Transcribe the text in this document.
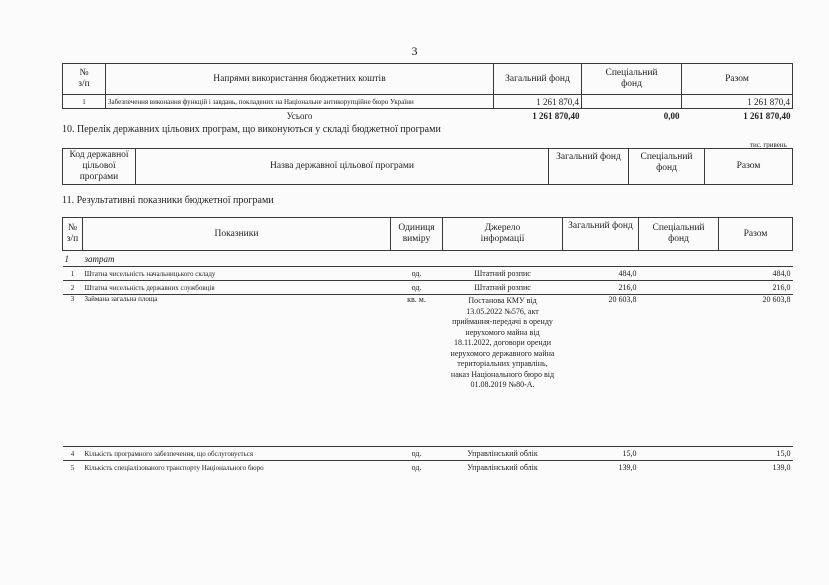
3
№
з/п	Напрями використання бюджетних коштів	Загальний фонд	Спеціальний
фонд	Разом
1	Забезпечення виконання функцій і завдань, покладених на Національне антикорупційне бюро України	1 261 870,4		1 261 870,4
	Усього	1 261 870,40	0,00	1 261 870,40
10. Перелік державних цільових програм, що виконуються у складі бюджетної програми
тис. гривень
Код державної
цільової
програми	Назва державної цільової програми	Загальний фонд	Спеціальний фонд	Разом
11. Результативні показники бюджетної програми
№
з/п	Показники	Одиниця
виміру	Джерело
інформації	Загальний фонд	Спеціальний
фонд	Разом
1	затрат					
1	Штатна чисельність начальницького складу	од.	Штатний розпис	484,0		484,0
2	Штатна чисельність державних службовців	од.	Штатний розпис	216,0		216,0
3	Займана загальна площа	кв. м.	Постанова КМУ від 13.05.2022 №576, акт приймання-передачі в оренду нерухомого майна від 18.11.2022, договори оренди нерухомого державного майна територіальних управлінь, наказ Національного бюро від 01.08.2019 №80-А.	20 603,8		20 603,8
4	Кількість програмного забезпечення, що обслуговується	од.	Управлінський облік	15,0		15,0
5	Кількість спеціалізованого транспорту Національного бюро	од.	Управлінський облік	139,0		139,0
